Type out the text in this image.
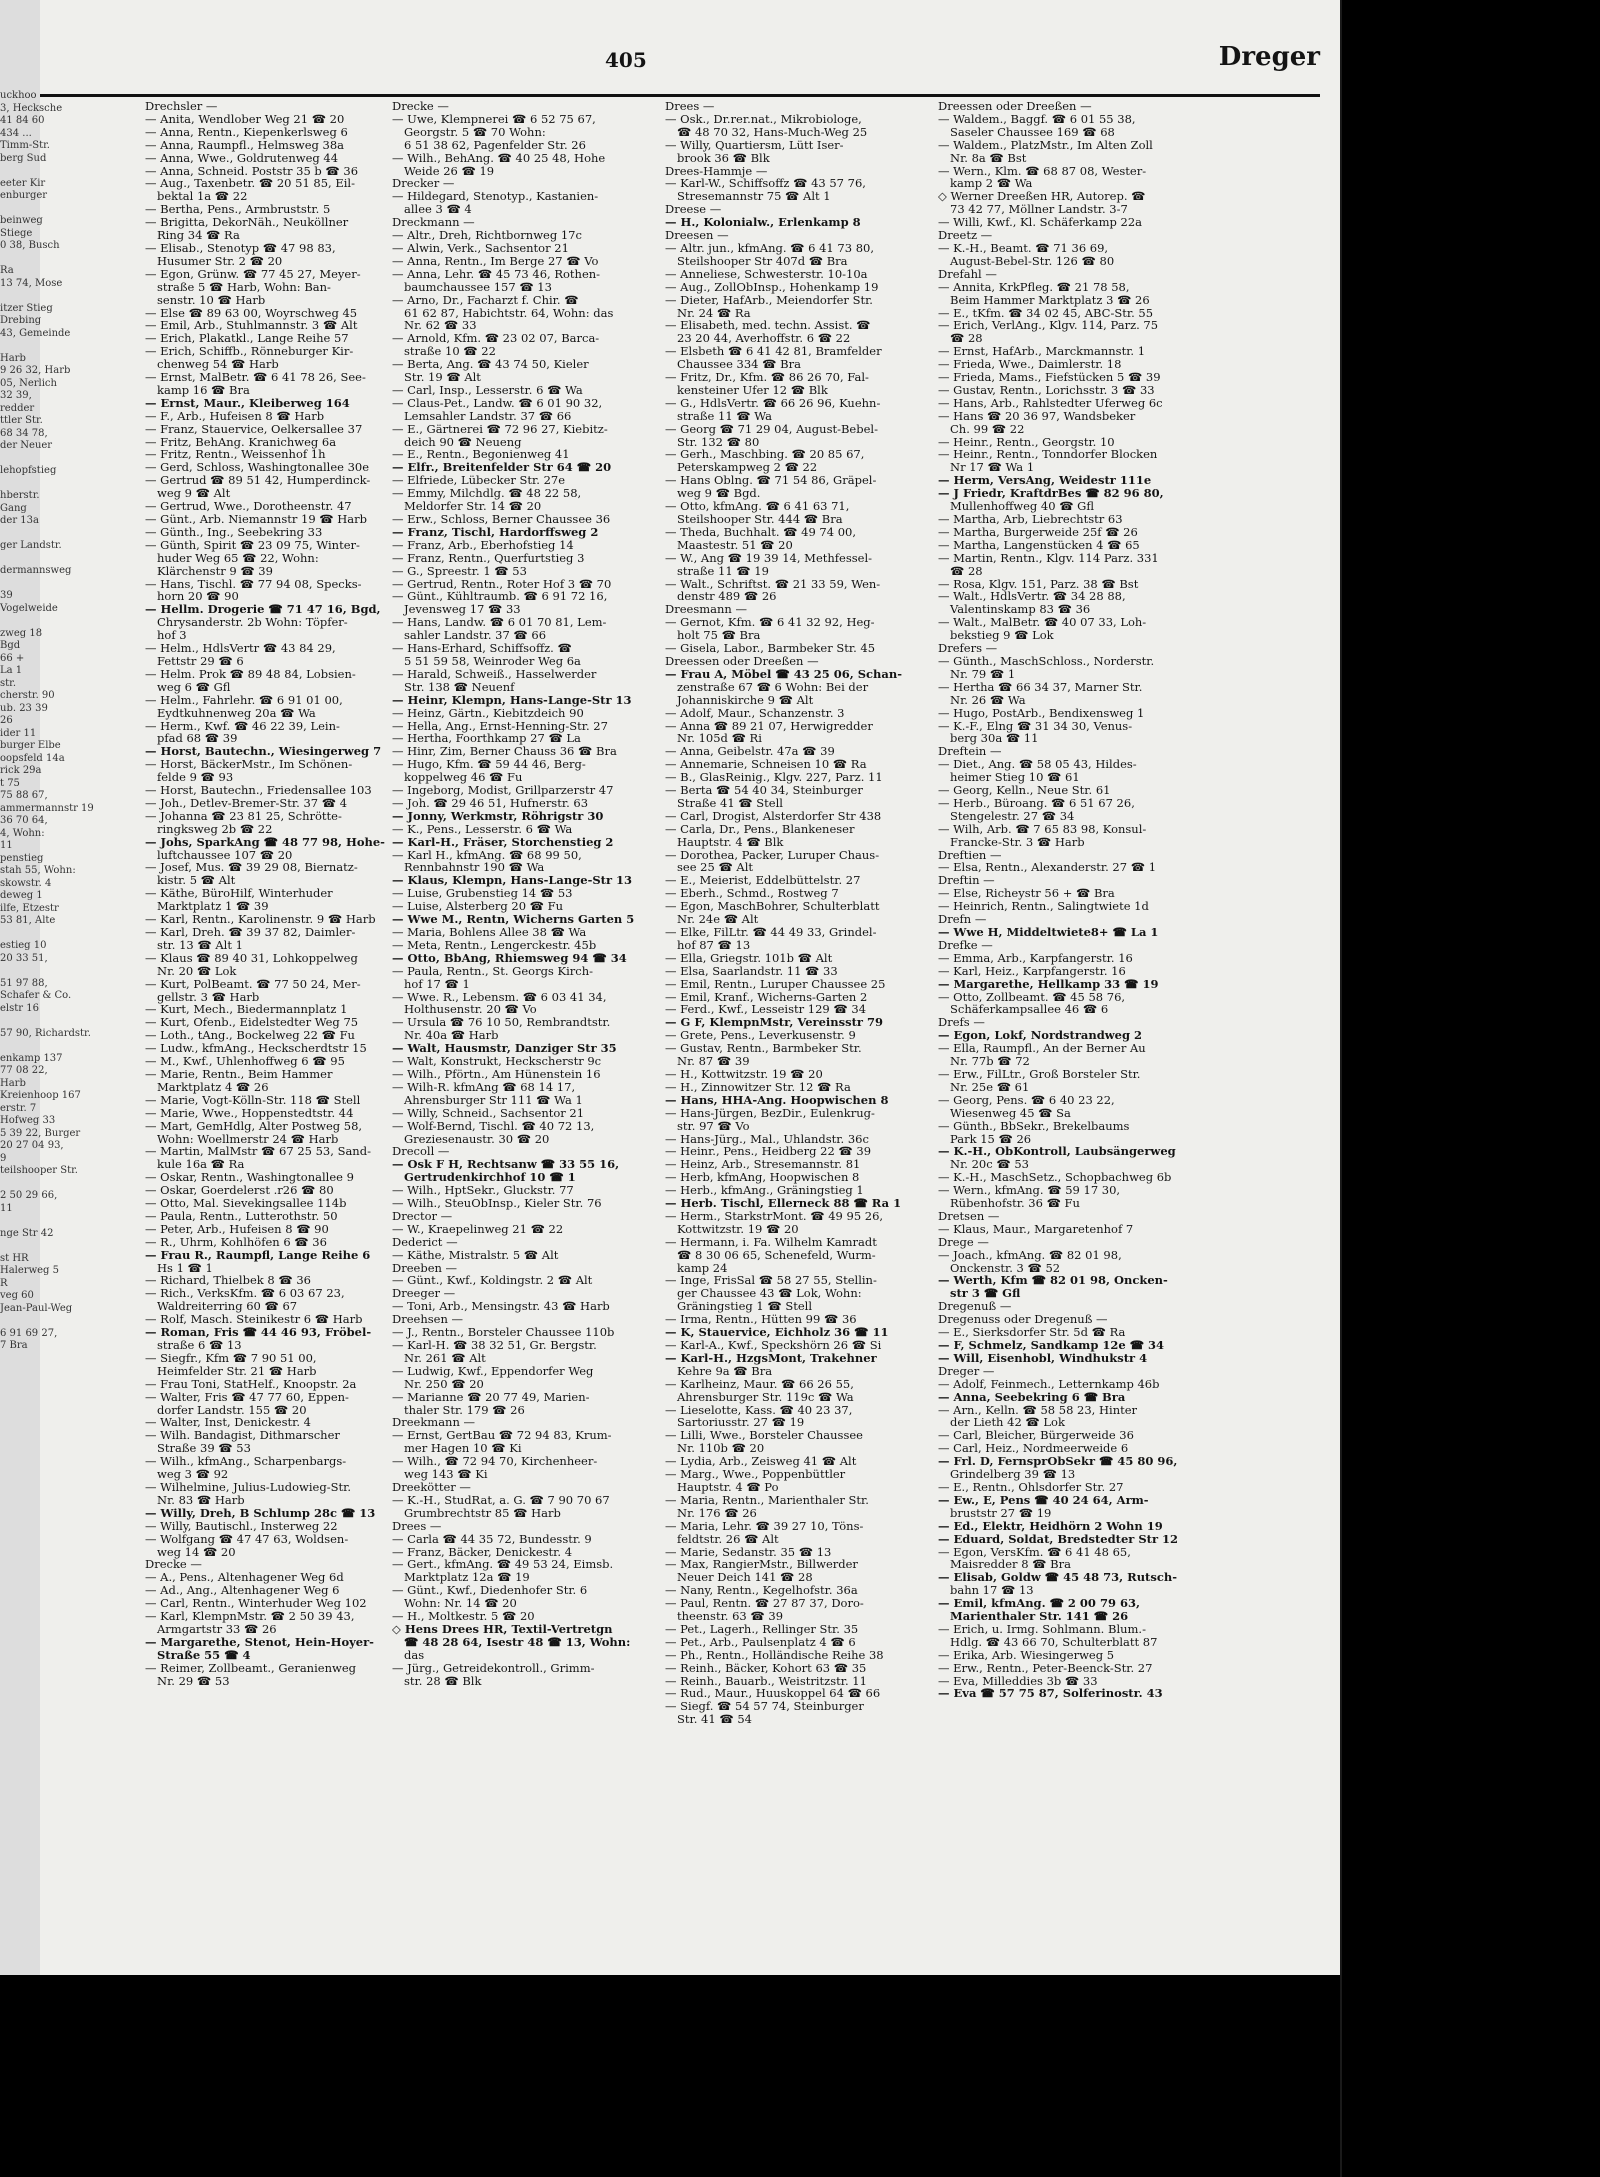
uckhoo
3, Hecksche
41 84 60
434 ...
Timm-Str.
berg Sud

eeter Kir
enburger

beinweg
Stiege
0 38, Busch

Ra
13 74, Mose

itzer Stieg
Drebing
43, Gemeinde

Harb
9 26 32, Harb
05, Nerlich
32 39,
redder
ttler Str.
68 34 78,
der Neuer

lehopfstieg

hberstr.
Gang
der 13a

ger Landstr.

dermannsweg

39
Vogelweide

zweg 18
Bgd
66 +
La 1
str.
cherstr. 90
ub. 23 39
26
ider 11
burger Elbe
oopsfeld 14a
rick 29a
t 75
75 88 67,
ammermannstr 19
36 70 64,
4, Wohn:
11
penstieg
stah 55, Wohn:
skowstr. 4
deweg 1
ilfe, Etzestr
53 81, Alte

estieg 10
20 33 51,

51 97 88,
Schafer & Co.
elstr 16

57 90, Richardstr.

enkamp 137
77 08 22,
Harb
Kreienhoop 167
erstr. 7
Hofweg 33
5 39 22, Burger
20 27 04 93,
9
teilshooper Str.

2 50 29 66,
11

nge Str 42

st HR
Halerweg 5
R
veg 60
Jean-Paul-Weg

6 91 69 27,
7 Bra
405	Dreger
Drechsler —
— Anita, Wendlober Weg 21 ☎ 20
— Anna, Rentn., Kiepenkerlsweg 6
— Anna, Raumpfl., Helmsweg 38a
— Anna, Wwe., Goldrutenweg 44
— Anna, Schneid. Poststr 35 b ☎ 36
— Aug., Taxenbetr. ☎ 20 51 85, Eil-
bektal 1a ☎ 22
— Bertha, Pens., Armbruststr. 5
— Brigitta, DekorNäh., Neuköllner
Ring 34 ☎ Ra
— Elisab., Stenotyp ☎ 47 98 83,
Husumer Str. 2 ☎ 20
— Egon, Grünw. ☎ 77 45 27, Meyer-
straße 5 ☎ Harb, Wohn: Ban-
senstr. 10 ☎ Harb
— Else ☎ 89 63 00, Woyrschweg 45
— Emil, Arb., Stuhlmannstr. 3 ☎ Alt
— Erich, Plakatkl., Lange Reihe 57
— Erich, Schiffb., Rönneburger Kir-
chenweg 54 ☎ Harb
— Ernst, MalBetr. ☎ 6 41 78 26, See-
kamp 16 ☎ Bra
— Ernst, Maur., Kleiberweg 164
— F., Arb., Hufeisen 8 ☎ Harb
— Franz, Stauervice, Oelkersallee 37
— Fritz, BehAng. Kranichweg 6a
— Fritz, Rentn., Weissenhof 1h
— Gerd, Schloss, Washingtonallee 30e
— Gertrud ☎ 89 51 42, Humperdinck-
weg 9 ☎ Alt
— Gertrud, Wwe., Dorotheenstr. 47
— Günt., Arb. Niemannstr 19 ☎ Harb
— Günth., Ing., Seebekring 33
— Günth, Spirit ☎ 23 09 75, Winter-
huder Weg 65 ☎ 22, Wohn:
Klärchenstr 9 ☎ 39
— Hans, Tischl. ☎ 77 94 08, Specks-
horn 20 ☎ 90
— Hellm. Drogerie ☎ 71 47 16, Bgd,
Chrysanderstr. 2b Wohn: Töpfer-
hof 3
— Helm., HdlsVertr ☎ 43 84 29,
Fettstr 29 ☎ 6
— Helm. Prok ☎ 89 48 84, Lobsien-
weg 6 ☎ Gfl
— Helm., Fahrlehr. ☎ 6 91 01 00,
Eydtkuhnenweg 20a ☎ Wa
— Herm., Kwf. ☎ 46 22 39, Lein-
pfad 68 ☎ 39
— Horst, Bautechn., Wiesingerweg 7
— Horst, BäckerMstr., Im Schönen-
felde 9 ☎ 93
— Horst, Bautechn., Friedensallee 103
— Joh., Detlev-Bremer-Str. 37 ☎ 4
— Johanna ☎ 23 81 25, Schrötte-
ringksweg 2b ☎ 22
— Johs, SparkAng ☎ 48 77 98, Hohe-
luftchaussee 107 ☎ 20
— Josef, Mus. ☎ 39 29 08, Biernatz-
kistr. 5 ☎ Alt
— Käthe, BüroHilf, Winterhuder
Marktplatz 1 ☎ 39
— Karl, Rentn., Karolinenstr. 9 ☎ Harb
— Karl, Dreh. ☎ 39 37 82, Daimler-
str. 13 ☎ Alt 1
— Klaus ☎ 89 40 31, Lohkoppelweg
Nr. 20 ☎ Lok
— Kurt, PolBeamt. ☎ 77 50 24, Mer-
gellstr. 3 ☎ Harb
— Kurt, Mech., Biedermannplatz 1
— Kurt, Ofenb., Eidelstedter Weg 75
— Loth., tAng., Bockelweg 22 ☎ Fu
— Ludw., kfmAng., Heckscherdtstr 15
— M., Kwf., Uhlenhoffweg 6 ☎ 95
— Marie, Rentn., Beim Hammer
Marktplatz 4 ☎ 26
— Marie, Vogt-Kölln-Str. 118 ☎ Stell
— Marie, Wwe., Hoppenstedtstr. 44
— Mart, GemHdlg, Alter Postweg 58,
Wohn: Woellmerstr 24 ☎ Harb
— Martin, MalMstr ☎ 67 25 53, Sand-
kule 16a ☎ Ra
— Oskar, Rentn., Washingtonallee 9
— Oskar, Goerdelerst .r26 ☎ 80
— Otto, Mal. Sievekingsallee 114b
— Paula, Rentn., Lutterothstr. 50
— Peter, Arb., Hufeisen 8 ☎ 90
— R., Uhrm, Kohlhöfen 6 ☎ 36
— Frau R., Raumpfl, Lange Reihe 6
Hs 1 ☎ 1
— Richard, Thielbek 8 ☎ 36
— Rich., VerksKfm. ☎ 6 03 67 23,
Waldreiterring 60 ☎ 67
— Rolf, Masch. Steinikestr 6 ☎ Harb
— Roman, Fris ☎ 44 46 93, Fröbel-
straße 6 ☎ 13
— Siegfr., Kfm ☎ 7 90 51 00,
Heimfelder Str. 21 ☎ Harb
— Frau Toni, StatHelf., Knoopstr. 2a
— Walter, Fris ☎ 47 77 60, Eppen-
dorfer Landstr. 155 ☎ 20
— Walter, Inst, Denickestr. 4
— Wilh. Bandagist, Dithmarscher
Straße 39 ☎ 53
— Wilh., kfmAng., Scharpenbargs-
weg 3 ☎ 92
— Wilhelmine, Julius-Ludowieg-Str.
Nr. 83 ☎ Harb
— Willy, Dreh, B Schlump 28c ☎ 13
— Willy, Bautischl., Insterweg 22
— Wolfgang ☎ 47 47 63, Woldsen-
weg 14 ☎ 20
Drecke —
— A., Pens., Altenhagener Weg 6d
— Ad., Ang., Altenhagener Weg 6
— Carl, Rentn., Winterhuder Weg 102
— Karl, KlempnMstr. ☎ 2 50 39 43,
Armgartstr 33 ☎ 26
— Margarethe, Stenot, Hein-Hoyer-
Straße 55 ☎ 4
— Reimer, Zollbeamt., Geranienweg
Nr. 29 ☎ 53
Drecke —
— Uwe, Klempnerei ☎ 6 52 75 67,
Georgstr. 5 ☎ 70 Wohn:
6 51 38 62, Pagenfelder Str. 26
— Wilh., BehAng. ☎ 40 25 48, Hohe
Weide 26 ☎ 19
Drecker —
— Hildegard, Stenotyp., Kastanien-
allee 3 ☎ 4
Dreckmann —
— Altr., Dreh, Richtbornweg 17c
— Alwin, Verk., Sachsentor 21
— Anna, Rentn., Im Berge 27 ☎ Vo
— Anna, Lehr. ☎ 45 73 46, Rothen-
baumchaussee 157 ☎ 13
— Arno, Dr., Facharzt f. Chir. ☎
61 62 87, Habichtstr. 64, Wohn: das
Nr. 62 ☎ 33
— Arnold, Kfm. ☎ 23 02 07, Barca-
straße 10 ☎ 22
— Berta, Ang. ☎ 43 74 50, Kieler
Str. 19 ☎ Alt
— Carl, Insp., Lesserstr. 6 ☎ Wa
— Claus-Pet., Landw. ☎ 6 01 90 32,
Lemsahler Landstr. 37 ☎ 66
— E., Gärtnerei ☎ 72 96 27, Kiebitz-
deich 90 ☎ Neueng
— E., Rentn., Begonienweg 41
— Elfr., Breitenfelder Str 64 ☎ 20
— Elfriede, Lübecker Str. 27e
— Emmy, Milchdlg. ☎ 48 22 58,
Meldorfer Str. 14 ☎ 20
— Erw., Schloss, Berner Chaussee 36
— Franz, Tischl, Hardorffsweg 2
— Franz, Arb., Eberhofstieg 14
— Franz, Rentn., Querfurtstieg 3
— G., Spreestr. 1 ☎ 53
— Gertrud, Rentn., Roter Hof 3 ☎ 70
— Günt., Kühltraumb. ☎ 6 91 72 16,
Jevensweg 17 ☎ 33
— Hans, Landw. ☎ 6 01 70 81, Lem-
sahler Landstr. 37 ☎ 66
— Hans-Erhard, Schiffsoffz. ☎
5 51 59 58, Weinroder Weg 6a
— Harald, Schweiß., Hasselwerder
Str. 138 ☎ Neuenf
— Heinr, Klempn, Hans-Lange-Str 13
— Heinz, Gärtn., Kiebitzdeich 90
— Hella, Ang., Ernst-Henning-Str. 27
— Hertha, Foorthkamp 27 ☎ La
— Hinr, Zim, Berner Chauss 36 ☎ Bra
— Hugo, Kfm. ☎ 59 44 46, Berg-
koppelweg 46 ☎ Fu
— Ingeborg, Modist, Grillparzerstr 47
— Joh. ☎ 29 46 51, Hufnerstr. 63
— Jonny, Werkmstr, Röhrigstr 30
— K., Pens., Lesserstr. 6 ☎ Wa
— Karl-H., Fräser, Storchenstieg 2
— Karl H., kfmAng. ☎ 68 99 50,
Rennbahnstr 190 ☎ Wa
— Klaus, Klempn, Hans-Lange-Str 13
— Luise, Grubenstieg 14 ☎ 53
— Luise, Alsterberg 20 ☎ Fu
— Wwe M., Rentn, Wicherns Garten 5
— Maria, Bohlens Allee 38 ☎ Wa
— Meta, Rentn., Lengerckestr. 45b
— Otto, BbAng, Rhiemsweg 94 ☎ 34
— Paula, Rentn., St. Georgs Kirch-
hof 17 ☎ 1
— Wwe. R., Lebensm. ☎ 6 03 41 34,
Holthusenstr. 20 ☎ Vo
— Ursula ☎ 76 10 50, Rembrandtstr.
Nr. 40a ☎ Harb
— Walt, Hausmstr, Danziger Str 35
— Walt, Konstrukt, Heckscherstr 9c
— Wilh., Pförtn., Am Hünenstein 16
— Wilh-R. kfmAng ☎ 68 14 17,
Ahrensburger Str 111 ☎ Wa 1
— Willy, Schneid., Sachsentor 21
— Wolf-Bernd, Tischl. ☎ 40 72 13,
Greziesenaustr. 30 ☎ 20
Drecoll —
— Osk F H, Rechtsanw ☎ 33 55 16,
Gertrudenkirchhof 10 ☎ 1
— Wilh., HptSekr., Gluckstr. 77
— Wilh., SteuObInsp., Kieler Str. 76
Drector —
— W., Kraepelinweg 21 ☎ 22
Dederict —
— Käthe, Mistralstr. 5 ☎ Alt
Dreeben —
— Günt., Kwf., Koldingstr. 2 ☎ Alt
Dreeger —
— Toni, Arb., Mensingstr. 43 ☎ Harb
Dreehsen —
— J., Rentn., Borsteler Chaussee 110b
— Karl-H. ☎ 38 32 51, Gr. Bergstr.
Nr. 261 ☎ Alt
— Ludwig, Kwf., Eppendorfer Weg
Nr. 250 ☎ 20
— Marianne ☎ 20 77 49, Marien-
thaler Str. 179 ☎ 26
Dreekmann —
— Ernst, GertBau ☎ 72 94 83, Krum-
mer Hagen 10 ☎ Ki
— Wilh., ☎ 72 94 70, Kirchenheer-
weg 143 ☎ Ki
Dreekötter —
— K.-H., StudRat, a. G. ☎ 7 90 70 67
Grumbrechtstr 85 ☎ Harb
Drees —
— Carla ☎ 44 35 72, Bundesstr. 9
— Franz, Bäcker, Denickestr. 4
— Gert., kfmAng. ☎ 49 53 24, Eimsb.
Marktplatz 12a ☎ 19
— Günt., Kwf., Diedenhofer Str. 6
Wohn: Nr. 14 ☎ 20
— H., Moltkestr. 5 ☎ 20
◇ Hens Drees HR, Textil-Vertretgn
☎ 48 28 64, Isestr 48 ☎ 13, Wohn:
das
— Jürg., Getreidekontroll., Grimm-
str. 28 ☎ Blk
Drees —
— Osk., Dr.rer.nat., Mikrobiologe,
☎ 48 70 32, Hans-Much-Weg 25
— Willy, Quartiersm, Lütt Iser-
brook 36 ☎ Blk
Drees-Hammje —
— Karl-W., Schiffsoffz ☎ 43 57 76,
Stresemannstr 75 ☎ Alt 1
Dreese —
— H., Kolonialw., Erlenkamp 8
Dreesen —
— Altr. jun., kfmAng. ☎ 6 41 73 80,
Steilshooper Str 407d ☎ Bra
— Anneliese, Schwesterstr. 10-10a
— Aug., ZollObInsp., Hohenkamp 19
— Dieter, HafArb., Meiendorfer Str.
Nr. 24 ☎ Ra
— Elisabeth, med. techn. Assist. ☎
23 20 44, Averhoffstr. 6 ☎ 22
— Elsbeth ☎ 6 41 42 81, Bramfelder
Chaussee 334 ☎ Bra
— Fritz, Dr., Kfm. ☎ 86 26 70, Fal-
kensteiner Ufer 12 ☎ Blk
— G., HdlsVertr. ☎ 66 26 96, Kuehn-
straße 11 ☎ Wa
— Georg ☎ 71 29 04, August-Bebel-
Str. 132 ☎ 80
— Gerh., Maschbing. ☎ 20 85 67,
Peterskampweg 2 ☎ 22
— Hans Oblng. ☎ 71 54 86, Gräpel-
weg 9 ☎ Bgd.
— Otto, kfmAng. ☎ 6 41 63 71,
Steilshooper Str. 444 ☎ Bra
— Theda, Buchhalt. ☎ 49 74 00,
Maastestr. 51 ☎ 20
— W., Ang ☎ 19 39 14, Methfessel-
straße 11 ☎ 19
— Walt., Schriftst. ☎ 21 33 59, Wen-
denstr 489 ☎ 26
Dreesmann —
— Gernot, Kfm. ☎ 6 41 32 92, Heg-
holt 75 ☎ Bra
— Gisela, Labor., Barmbeker Str. 45
Dreessen oder Dreeßen —
— Frau A, Möbel ☎ 43 25 06, Schan-
zenstraße 67 ☎ 6 Wohn: Bei der
Johanniskirche 9 ☎ Alt
— Adolf, Maur., Schanzenstr. 3
— Anna ☎ 89 21 07, Herwigredder
Nr. 105d ☎ Ri
— Anna, Geibelstr. 47a ☎ 39
— Annemarie, Schneisen 10 ☎ Ra
— B., GlasReinig., Klgv. 227, Parz. 11
— Berta ☎ 54 40 34, Steinburger
Straße 41 ☎ Stell
— Carl, Drogist, Alsterdorfer Str 438
— Carla, Dr., Pens., Blankeneser
Hauptstr. 4 ☎ Blk
— Dorothea, Packer, Luruper Chaus-
see 25 ☎ Alt
— E., Meierist, Eddelbüttelstr. 27
— Eberh., Schmd., Rostweg 7
— Egon, MaschBohrer, Schulterblatt
Nr. 24e ☎ Alt
— Elke, FilLtr. ☎ 44 49 33, Grindel-
hof 87 ☎ 13
— Ella, Griegstr. 101b ☎ Alt
— Elsa, Saarlandstr. 11 ☎ 33
— Emil, Rentn., Luruper Chaussee 25
— Emil, Kranf., Wicherns-Garten 2
— Ferd., Kwf., Lesseistr 129 ☎ 34
— G F, KlempnMstr, Vereinsstr 79
— Grete, Pens., Leverkusenstr. 9
— Gustav, Rentn., Barmbeker Str.
Nr. 87 ☎ 39
— H., Kottwitzstr. 19 ☎ 20
— H., Zinnowitzer Str. 12 ☎ Ra
— Hans, HHA-Ang. Hoopwischen 8
— Hans-Jürgen, BezDir., Eulenkrug-
str. 97 ☎ Vo
— Hans-Jürg., Mal., Uhlandstr. 36c
— Heinr., Pens., Heidberg 22 ☎ 39
— Heinz, Arb., Stresemannstr. 81
— Herb, kfmAng, Hoopwischen 8
— Herb., kfmAng., Gräningstieg 1
— Herb. Tischl, Ellerneck 88 ☎ Ra 1
— Herm., StarkstrMont. ☎ 49 95 26,
Kottwitzstr. 19 ☎ 20
— Hermann, i. Fa. Wilhelm Kamradt
☎ 8 30 06 65, Schenefeld, Wurm-
kamp 24
— Inge, FrisSal ☎ 58 27 55, Stellin-
ger Chaussee 43 ☎ Lok, Wohn:
Gräningstieg 1 ☎ Stell
— Irma, Rentn., Hütten 99 ☎ 36
— K, Stauervice, Eichholz 36 ☎ 11
— Karl-A., Kwf., Speckshörn 26 ☎ Si
— Karl-H., HzgsMont, Trakehner
Kehre 9a ☎ Bra
— Karlheinz, Maur. ☎ 66 26 55,
Ahrensburger Str. 119c ☎ Wa
— Lieselotte, Kass. ☎ 40 23 37,
Sartoriusstr. 27 ☎ 19
— Lilli, Wwe., Borsteler Chaussee
Nr. 110b ☎ 20
— Lydia, Arb., Zeisweg 41 ☎ Alt
— Marg., Wwe., Poppenbüttler
Hauptstr. 4 ☎ Po
— Maria, Rentn., Marienthaler Str.
Nr. 176 ☎ 26
— Maria, Lehr. ☎ 39 27 10, Töns-
feldtstr. 26 ☎ Alt
— Marie, Sedanstr. 35 ☎ 13
— Max, RangierMstr., Billwerder
Neuer Deich 141 ☎ 28
— Nany, Rentn., Kegelhofstr. 36a
— Paul, Rentn. ☎ 27 87 37, Doro-
theenstr. 63 ☎ 39
— Pet., Lagerh., Rellinger Str. 35
— Pet., Arb., Paulsenplatz 4 ☎ 6
— Ph., Rentn., Holländische Reihe 38
— Reinh., Bäcker, Kohort 63 ☎ 35
— Reinh., Bauarb., Weistritzstr. 11
— Rud., Maur., Huuskoppel 64 ☎ 66
— Siegf. ☎ 54 57 74, Steinburger
Str. 41 ☎ 54
Dreessen oder Dreeßen —
— Waldem., Baggf. ☎ 6 01 55 38,
Saseler Chaussee 169 ☎ 68
— Waldem., PlatzMstr., Im Alten Zoll
Nr. 8a ☎ Bst
— Wern., Klm. ☎ 68 87 08, Wester-
kamp 2 ☎ Wa
◇ Werner Dreeßen HR, Autorep. ☎
73 42 77, Möllner Landstr. 3-7
— Willi, Kwf., Kl. Schäferkamp 22a
Dreetz —
— K.-H., Beamt. ☎ 71 36 69,
August-Bebel-Str. 126 ☎ 80
Drefahl —
— Annita, KrkPfleg. ☎ 21 78 58,
Beim Hammer Marktplatz 3 ☎ 26
— E., tKfm. ☎ 34 02 45, ABC-Str. 55
— Erich, VerlAng., Klgv. 114, Parz. 75
☎ 28
— Ernst, HafArb., Marckmannstr. 1
— Frieda, Wwe., Daimlerstr. 18
— Frieda, Mams., Fiefstücken 5 ☎ 39
— Gustav, Rentn., Lorichsstr. 3 ☎ 33
— Hans, Arb., Rahlstedter Uferweg 6c
— Hans ☎ 20 36 97, Wandsbeker
Ch. 99 ☎ 22
— Heinr., Rentn., Georgstr. 10
— Heinr., Rentn., Tonndorfer Blocken
Nr 17 ☎ Wa 1
— Herm, VersAng, Weidestr 111e
— J Friedr, KraftdrBes ☎ 82 96 80,
Mullenhoffweg 40 ☎ Gfl
— Martha, Arb, Liebrechtstr 63
— Martha, Burgerweide 25f ☎ 26
— Martha, Langenstücken 4 ☎ 65
— Martin, Rentn., Klgv. 114 Parz. 331
☎ 28
— Rosa, Klgv. 151, Parz. 38 ☎ Bst
— Walt., HdlsVertr. ☎ 34 28 88,
Valentinskamp 83 ☎ 36
— Walt., MalBetr. ☎ 40 07 33, Loh-
bekstieg 9 ☎ Lok
Drefers —
— Günth., MaschSchloss., Norderstr.
Nr. 79 ☎ 1
— Hertha ☎ 66 34 37, Marner Str.
Nr. 26 ☎ Wa
— Hugo, PostArb., Bendixensweg 1
— K.-F., Elng ☎ 31 34 30, Venus-
berg 30a ☎ 11
Dreftein —
— Diet., Ang. ☎ 58 05 43, Hildes-
heimer Stieg 10 ☎ 61
— Georg, Kelln., Neue Str. 61
— Herb., Büroang. ☎ 6 51 67 26,
Stengelestr. 27 ☎ 34
— Wilh, Arb. ☎ 7 65 83 98, Konsul-
Francke-Str. 3 ☎ Harb
Dreftien —
— Elsa, Rentn., Alexanderstr. 27 ☎ 1
Dreftin —
— Else, Richeystr 56 + ☎ Bra
— Heinrich, Rentn., Salingtwiete 1d
Drefn —
— Wwe H, Middeltwiete8+ ☎ La 1
Drefke —
— Emma, Arb., Karpfangerstr. 16
— Karl, Heiz., Karpfangerstr. 16
— Margarethe, Hellkamp 33 ☎ 19
— Otto, Zollbeamt. ☎ 45 58 76,
Schäferkampsallee 46 ☎ 6
Drefs —
— Egon, Lokf, Nordstrandweg 2
— Ella, Raumpfl., An der Berner Au
Nr. 77b ☎ 72
— Erw., FilLtr., Groß Borsteler Str.
Nr. 25e ☎ 61
— Georg, Pens. ☎ 6 40 23 22,
Wiesenweg 45 ☎ Sa
— Günth., BbSekr., Brekelbaums
Park 15 ☎ 26
— K.-H., ObKontroll, Laubsängerweg
Nr. 20c ☎ 53
— K.-H., MaschSetz., Schopbachweg 6b
— Wern., kfmAng. ☎ 59 17 30,
Rübenhofstr. 36 ☎ Fu
Dretsen —
— Klaus, Maur., Margaretenhof 7
Drege —
— Joach., kfmAng. ☎ 82 01 98,
Onckenstr. 3 ☎ 52
— Werth, Kfm ☎ 82 01 98, Oncken-
str 3 ☎ Gfl
Dregenuß —
Dregenuss oder Dregenuß —
— E., Sierksdorfer Str. 5d ☎ Ra
— F, Schmelz, Sandkamp 12e ☎ 34
— Will, Eisenhobl, Windhukstr 4
Dreger —
— Adolf, Feinmech., Letternkamp 46b
— Anna, Seebekring 6 ☎ Bra
— Arn., Kelln. ☎ 58 58 23, Hinter
der Lieth 42 ☎ Lok
— Carl, Bleicher, Bürgerweide 36
— Carl, Heiz., Nordmeerweide 6
— Frl. D, FernsprObSekr ☎ 45 80 96,
Grindelberg 39 ☎ 13
— E., Rentn., Ohlsdorfer Str. 27
— Ew., E, Pens ☎ 40 24 64, Arm-
bruststr 27 ☎ 19
— Ed., Elektr, Heidhörn 2 Wohn 19
— Eduard, Soldat, Bredstedter Str 12
— Egon, VersKfm. ☎ 6 41 48 65,
Maisredder 8 ☎ Bra
— Elisab, Goldw ☎ 45 48 73, Rutsch-
bahn 17 ☎ 13
— Emil, kfmAng. ☎ 2 00 79 63,
Marienthaler Str. 141 ☎ 26
— Erich, u. Irmg. Sohlmann. Blum.-
Hdlg. ☎ 43 66 70, Schulterblatt 87
— Erika, Arb. Wiesingerweg 5
— Erw., Rentn., Peter-Beenck-Str. 27
— Eva, Milleddies 3b ☎ 33
— Eva ☎ 57 75 87, Solferinostr. 43
